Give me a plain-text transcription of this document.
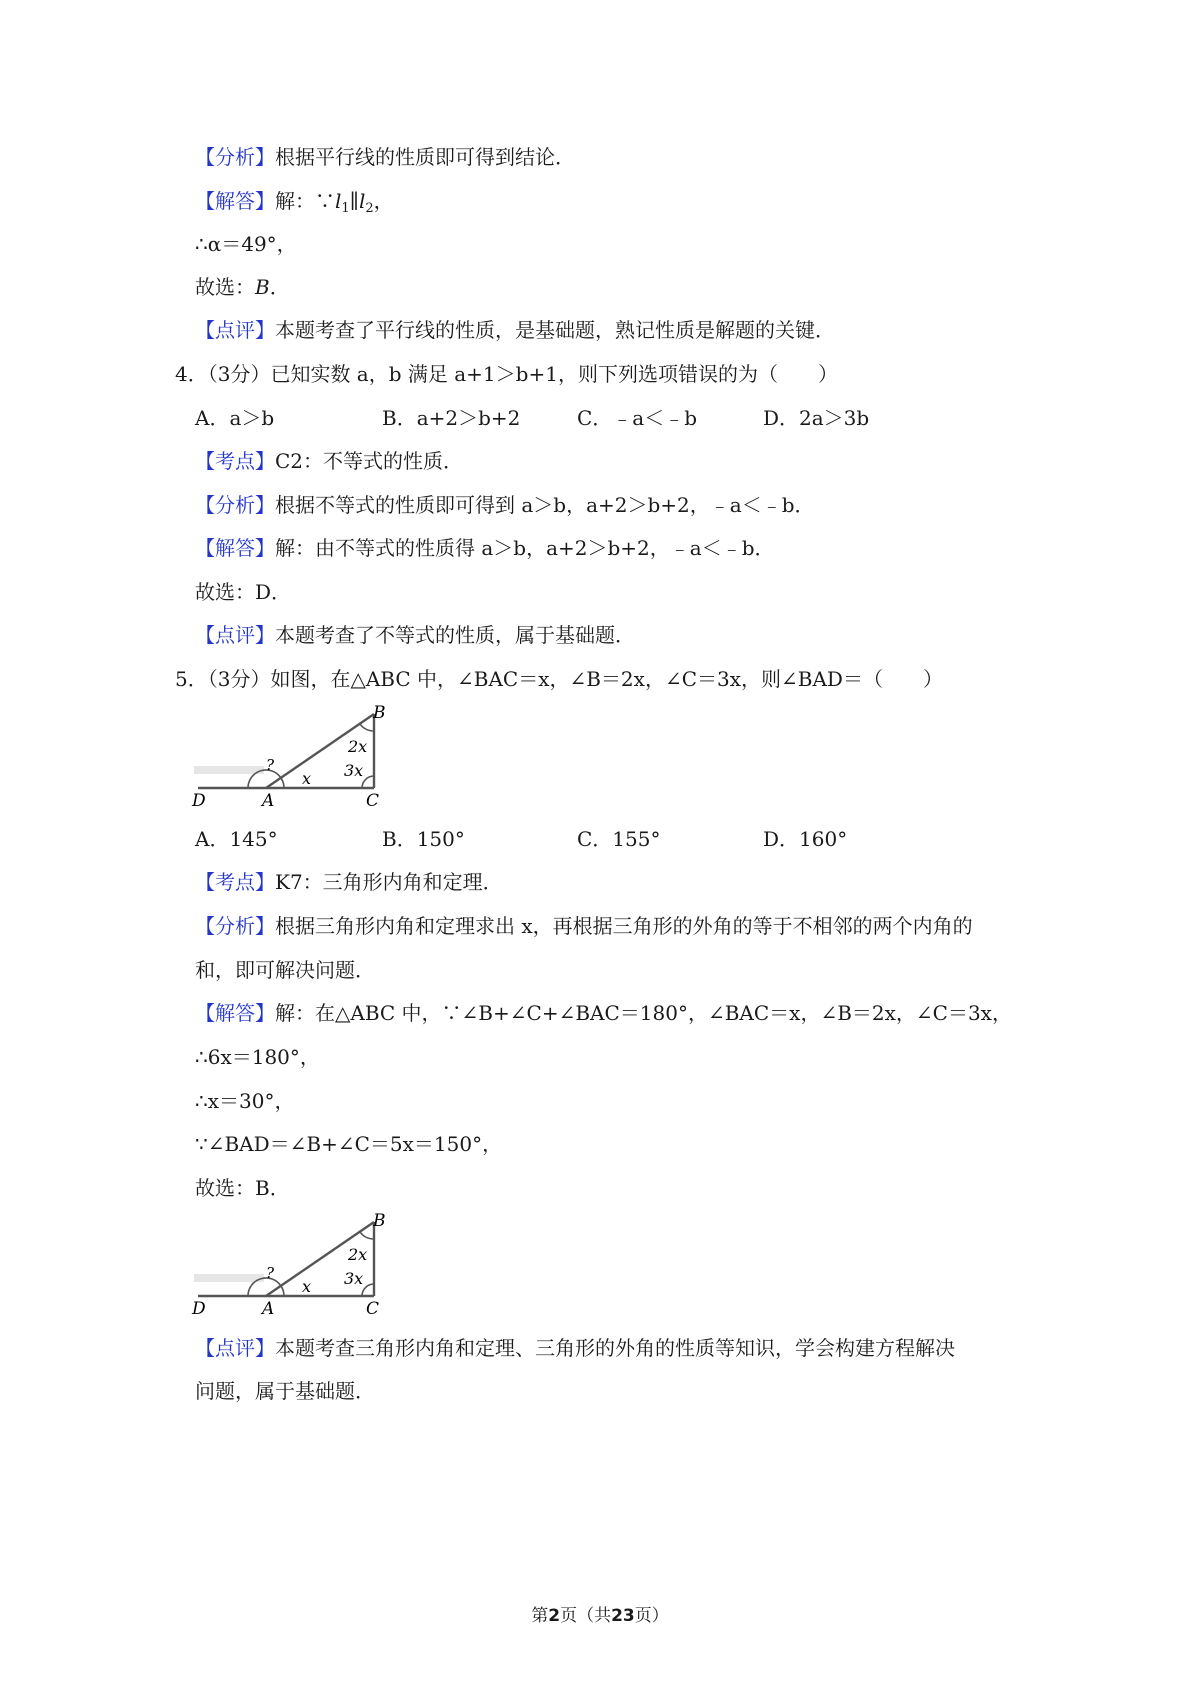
【分析】根据平行线的性质即可得到结论．
【解答】解：$\because l_1\parallel l_2$，
∴α＝49°，
故选：B．
【点评】本题考查了平行线的性质，是基础题，熟记性质是解题的关键．
4．（3分）已知实数 a，b 满足 a+1＞b+1，则下列选项错误的为（　　）
A．a＞b	B．a+2＞b+2	C．﹣a＜﹣b	D．2a＞3b
【考点】C2：不等式的性质．
【分析】根据不等式的性质即可得到 a＞b，a+2＞b+2，﹣a＜﹣b．
【解答】解：由不等式的性质得 a＞b，a+2＞b+2，﹣a＜﹣b．
故选：D．
【点评】本题考查了不等式的性质，属于基础题．
5．（3分）如图，在△ABC 中，∠BAC＝x，∠B＝2x，∠C＝3x，则∠BAD＝（　　）
B
2x
3x
?
x
D	A	C
A．145°	B．150°	C．155°	D．160°
【考点】K7：三角形内角和定理．
【分析】根据三角形内角和定理求出 x，再根据三角形的外角的等于不相邻的两个内角的
和，即可解决问题．
【解答】解：在△ABC 中，∵∠B+∠C+∠BAC＝180°，∠BAC＝x，∠B＝2x，∠C＝3x，
∴6x＝180°，
∴x＝30°，
∵∠BAD＝∠B+∠C＝5x＝150°，
故选：B．
B
2x
3x
?
x
D	A	C
【点评】本题考查三角形内角和定理、三角形的外角的性质等知识，学会构建方程解决
问题，属于基础题．
第2页（共23页）
